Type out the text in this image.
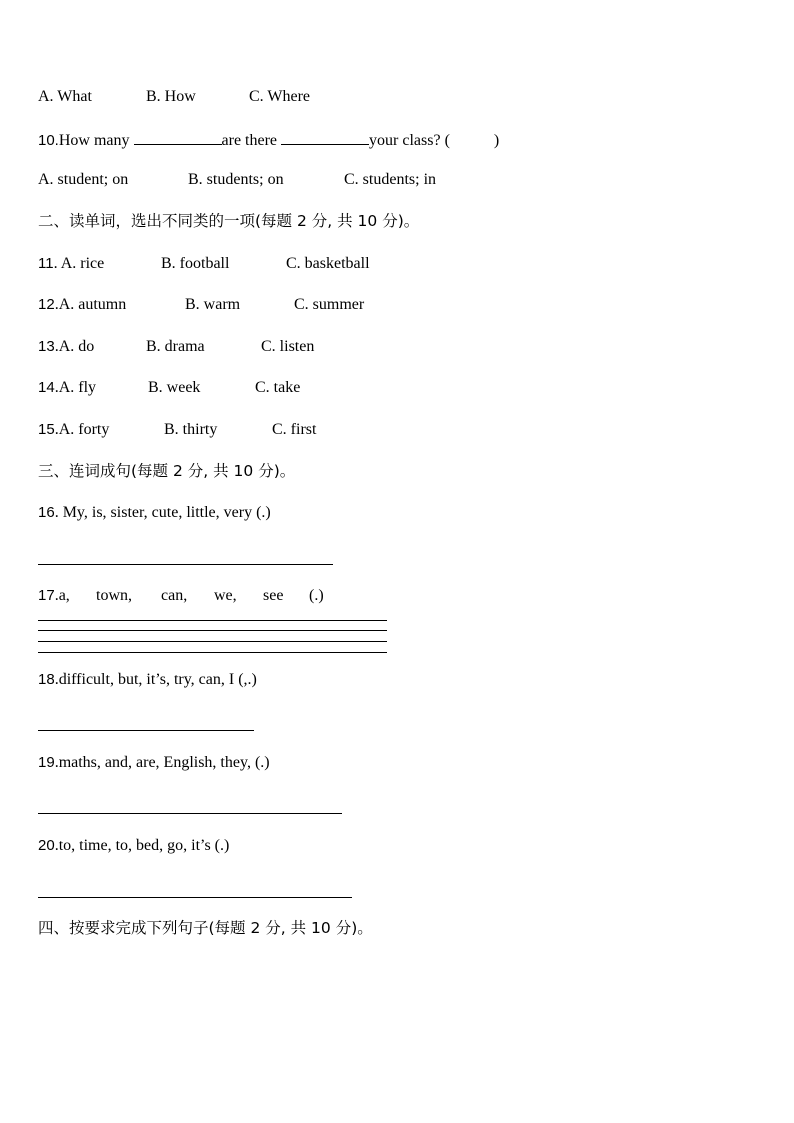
A. What	B. How	C. Where
10.How many	are there	your class? (	)
A. student; on	B. students; on	C. students; in
二、读单词，选出不同类的一项(每题 2 分, 共 10 分)。
11. A. rice	B. football	C. basketball
12.A. autumn	B. warm	C. summer
13.A. do	B. drama	C. listen
14.A. fly	B. week	C. take
15.A. forty	B. thirty	C. first
三、连词成句(每题 2 分, 共 10 分)。
16. My, is, sister, cute, little, very (.)
17.a, town, can, we, see (.)
18.difficult, but, it’s, try, can, I (,.)
19.maths, and, are, English, they, (.)
20.to, time, to, bed, go, it’s (.)
四、按要求完成下列句子(每题 2 分, 共 10 分)。
